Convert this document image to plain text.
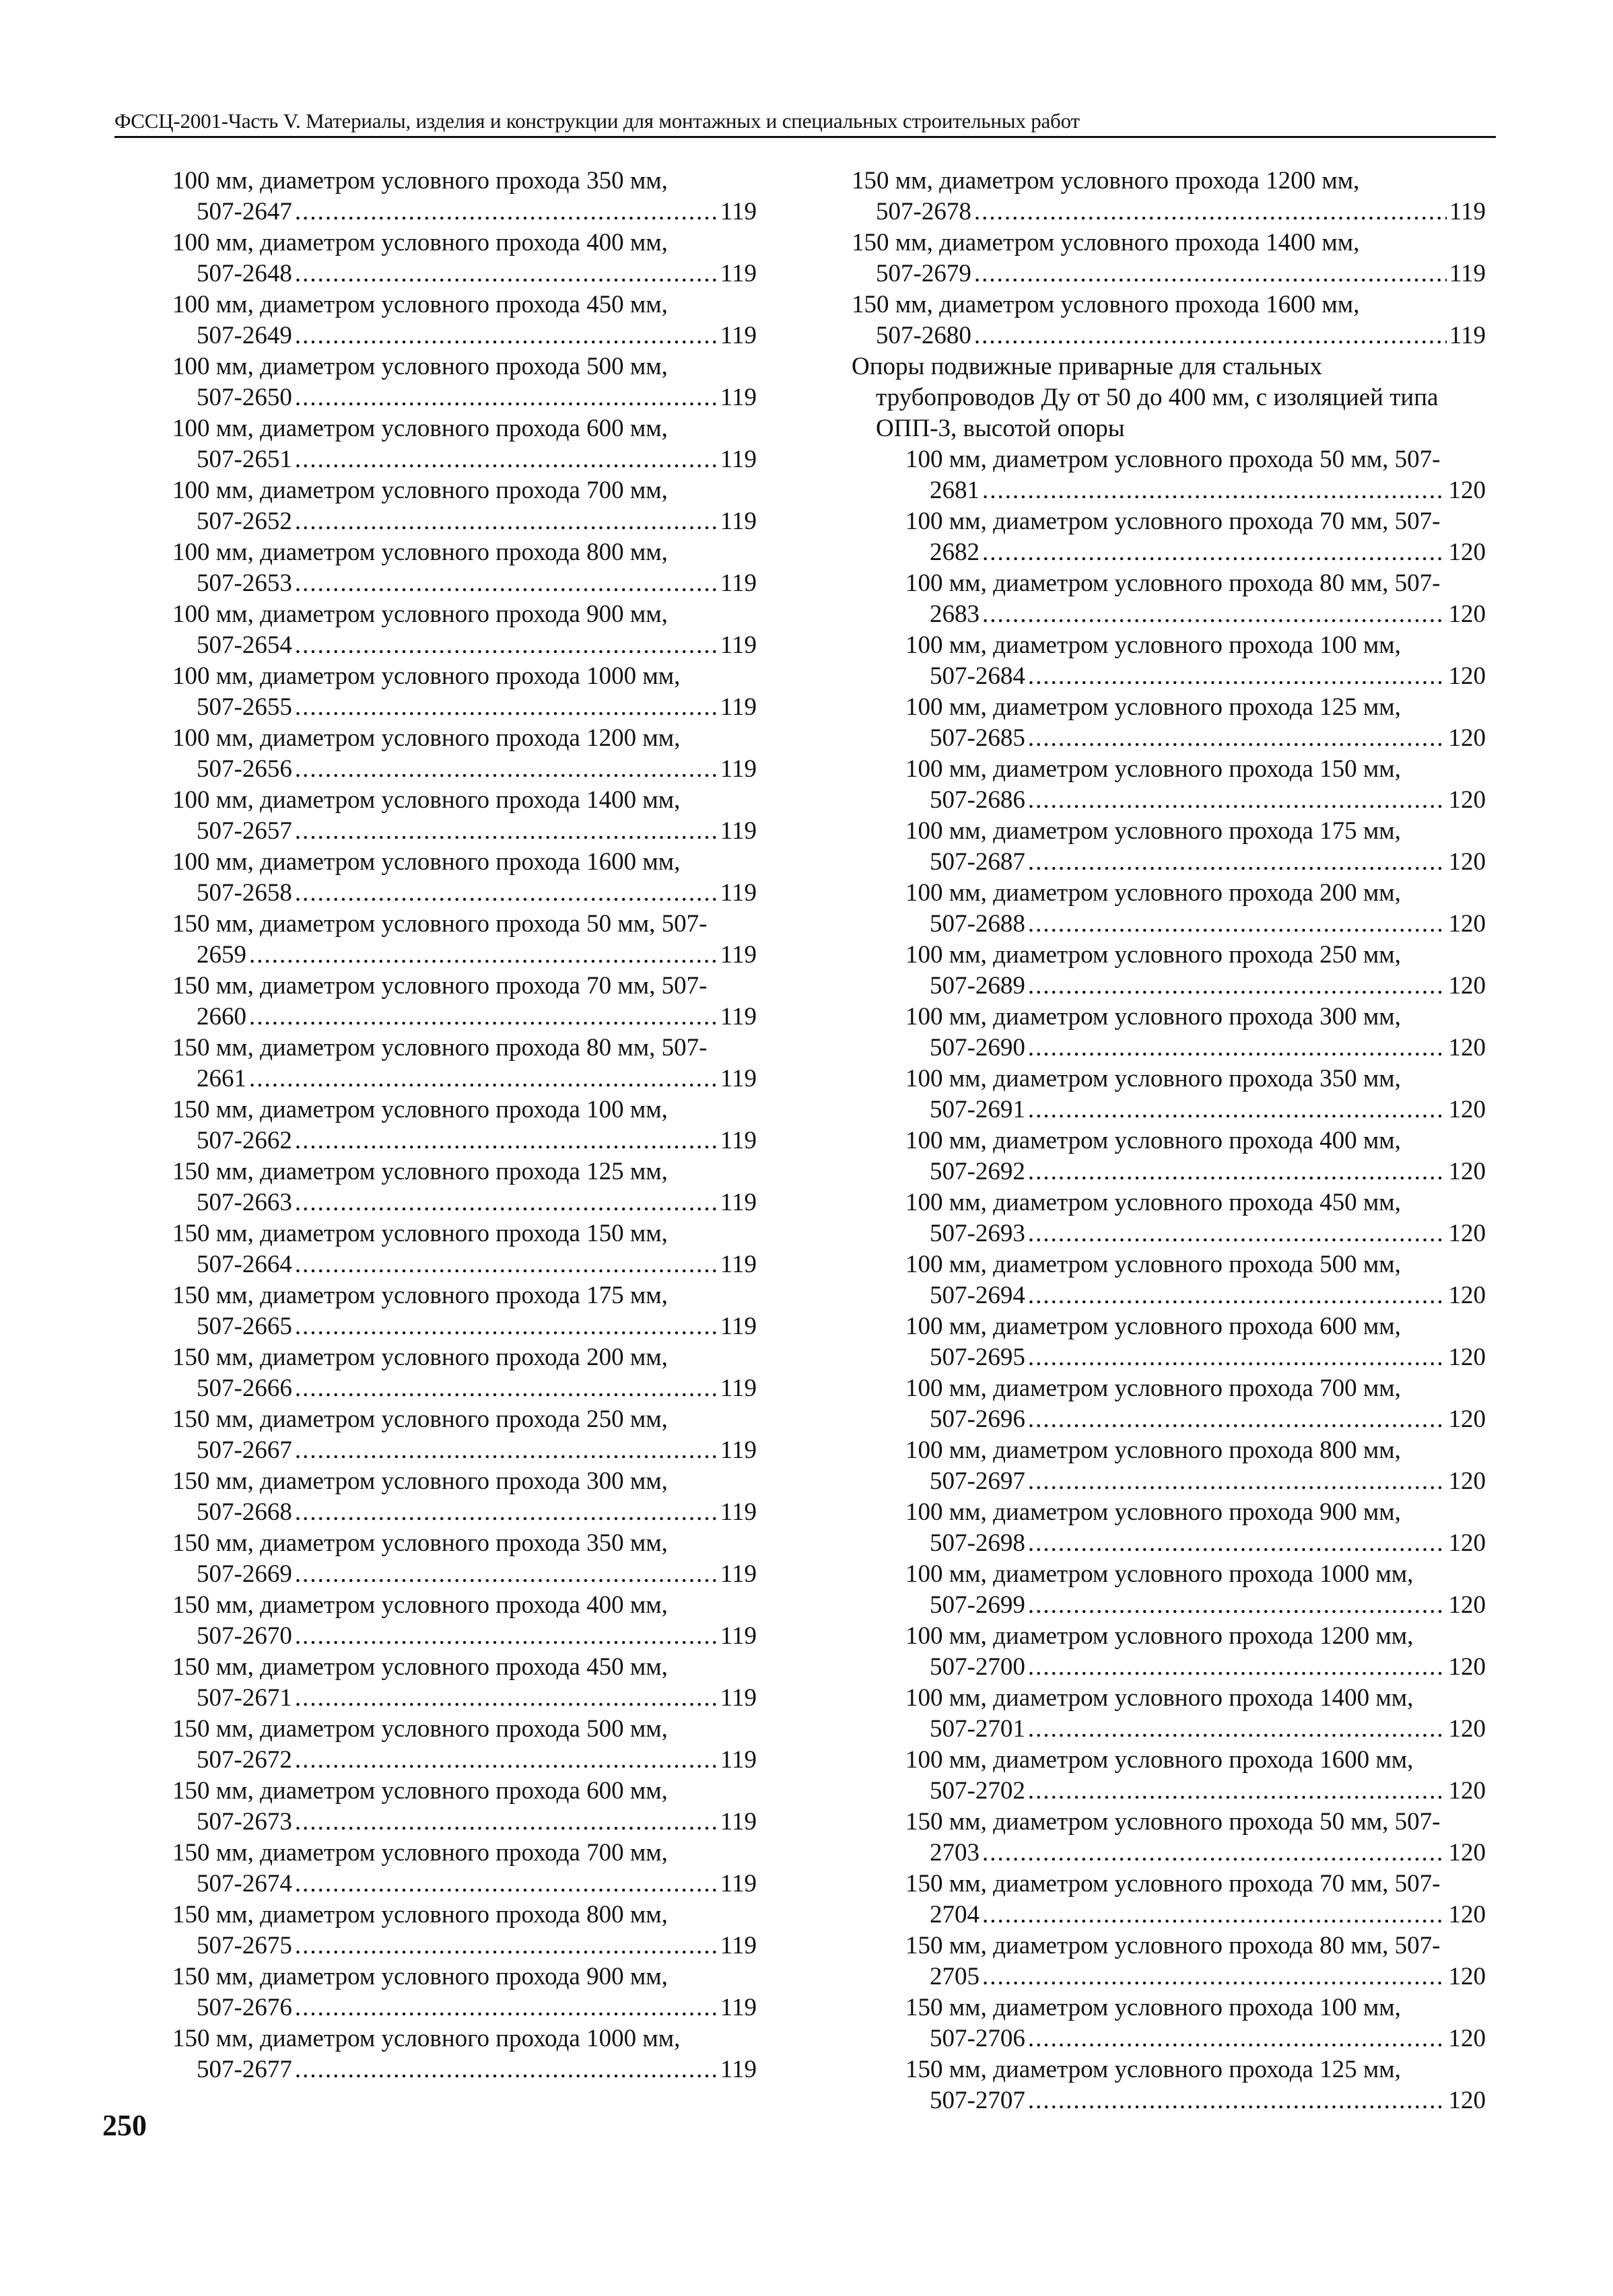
ФССЦ-2001-Часть V. Материалы, изделия и конструкции для монтажных и специальных строительных работ
100 мм, диаметром условного прохода 350 мм,
507-2647 .....	119
100 мм, диаметром условного прохода 400 мм,
507-2648 .....	119
100 мм, диаметром условного прохода 450 мм,
507-2649 .....	119
100 мм, диаметром условного прохода 500 мм,
507-2650 .....	119
100 мм, диаметром условного прохода 600 мм,
507-2651 .....	119
100 мм, диаметром условного прохода 700 мм,
507-2652 .....	119
100 мм, диаметром условного прохода 800 мм,
507-2653 .....	119
100 мм, диаметром условного прохода 900 мм,
507-2654 .....	119
100 мм, диаметром условного прохода 1000 мм,
507-2655 .....	119
100 мм, диаметром условного прохода 1200 мм,
507-2656 .....	119
100 мм, диаметром условного прохода 1400 мм,
507-2657 .....	119
100 мм, диаметром условного прохода 1600 мм,
507-2658 .....	119
150 мм, диаметром условного прохода 50 мм, 507-
2659 .....	119
150 мм, диаметром условного прохода 70 мм, 507-
2660 .....	119
150 мм, диаметром условного прохода 80 мм, 507-
2661 .....	119
150 мм, диаметром условного прохода 100 мм,
507-2662 .....	119
150 мм, диаметром условного прохода 125 мм,
507-2663 .....	119
150 мм, диаметром условного прохода 150 мм,
507-2664 .....	119
150 мм, диаметром условного прохода 175 мм,
507-2665 .....	119
150 мм, диаметром условного прохода 200 мм,
507-2666 .....	119
150 мм, диаметром условного прохода 250 мм,
507-2667 .....	119
150 мм, диаметром условного прохода 300 мм,
507-2668 .....	119
150 мм, диаметром условного прохода 350 мм,
507-2669 .....	119
150 мм, диаметром условного прохода 400 мм,
507-2670 .....	119
150 мм, диаметром условного прохода 450 мм,
507-2671 .....	119
150 мм, диаметром условного прохода 500 мм,
507-2672 .....	119
150 мм, диаметром условного прохода 600 мм,
507-2673 .....	119
150 мм, диаметром условного прохода 700 мм,
507-2674 .....	119
150 мм, диаметром условного прохода 800 мм,
507-2675 .....	119
150 мм, диаметром условного прохода 900 мм,
507-2676 .....	119
150 мм, диаметром условного прохода 1000 мм,
507-2677 .....	119
150 мм, диаметром условного прохода 1200 мм,
507-2678 .....	119
150 мм, диаметром условного прохода 1400 мм,
507-2679 .....	119
150 мм, диаметром условного прохода 1600 мм,
507-2680 .....	119
Опоры подвижные приварные для стальных
трубопроводов Ду от 50 до 400 мм, с изоляцией типа
ОПП-3, высотой опоры
100 мм, диаметром условного прохода 50 мм, 507-
2681 .....	120
100 мм, диаметром условного прохода 70 мм, 507-
2682 .....	120
100 мм, диаметром условного прохода 80 мм, 507-
2683 .....	120
100 мм, диаметром условного прохода 100 мм,
507-2684 .....	120
100 мм, диаметром условного прохода 125 мм,
507-2685 .....	120
100 мм, диаметром условного прохода 150 мм,
507-2686 .....	120
100 мм, диаметром условного прохода 175 мм,
507-2687 .....	120
100 мм, диаметром условного прохода 200 мм,
507-2688 .....	120
100 мм, диаметром условного прохода 250 мм,
507-2689 .....	120
100 мм, диаметром условного прохода 300 мм,
507-2690 .....	120
100 мм, диаметром условного прохода 350 мм,
507-2691 .....	120
100 мм, диаметром условного прохода 400 мм,
507-2692 .....	120
100 мм, диаметром условного прохода 450 мм,
507-2693 .....	120
100 мм, диаметром условного прохода 500 мм,
507-2694 .....	120
100 мм, диаметром условного прохода 600 мм,
507-2695 .....	120
100 мм, диаметром условного прохода 700 мм,
507-2696 .....	120
100 мм, диаметром условного прохода 800 мм,
507-2697 .....	120
100 мм, диаметром условного прохода 900 мм,
507-2698 .....	120
100 мм, диаметром условного прохода 1000 мм,
507-2699 .....	120
100 мм, диаметром условного прохода 1200 мм,
507-2700 .....	120
100 мм, диаметром условного прохода 1400 мм,
507-2701 .....	120
100 мм, диаметром условного прохода 1600 мм,
507-2702 .....	120
150 мм, диаметром условного прохода 50 мм, 507-
2703 .....	120
150 мм, диаметром условного прохода 70 мм, 507-
2704 .....	120
150 мм, диаметром условного прохода 80 мм, 507-
2705 .....	120
150 мм, диаметром условного прохода 100 мм,
507-2706 .....	120
150 мм, диаметром условного прохода 125 мм,
507-2707 .....	120
250
